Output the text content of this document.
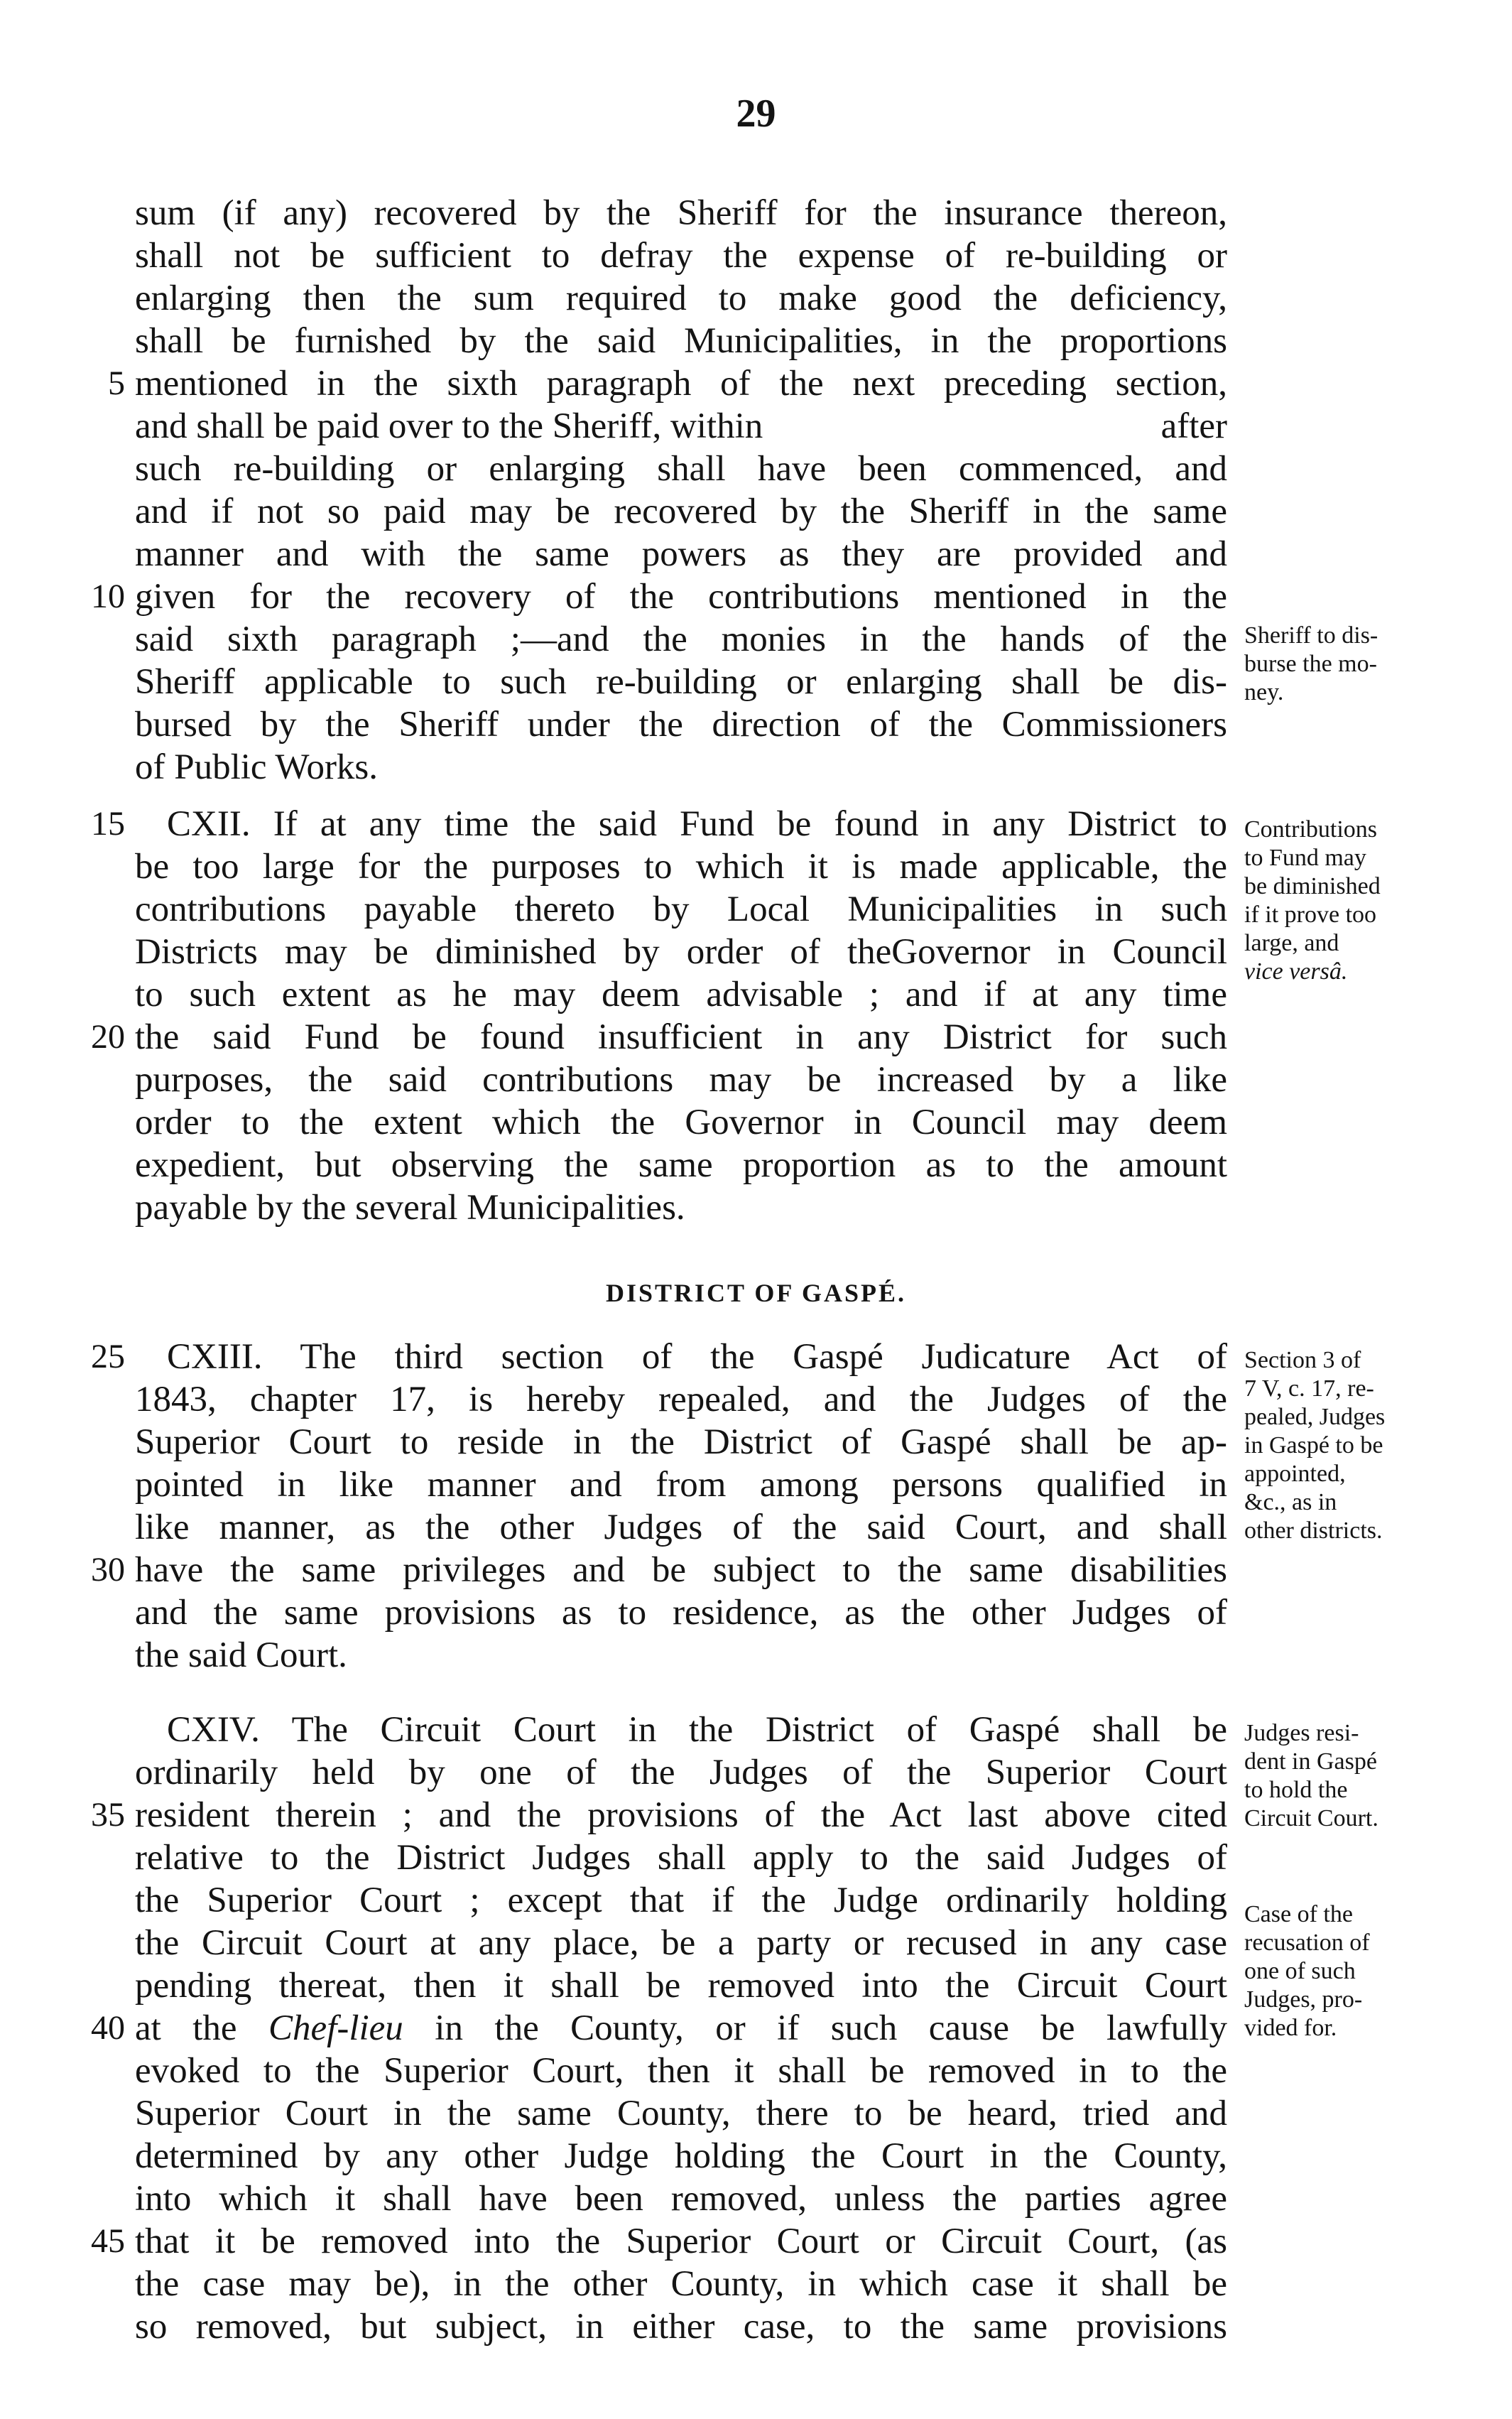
29
sum (if any) recovered by the Sheriff for the insurance thereon,
shall not be sufficient to defray the expense of re-building or
enlarging then the sum required to make good the deficiency,
shall be furnished by the said Municipalities, in the proportions
5 mentioned in the sixth paragraph of the next preceding section,
and shall be paid over to the Sheriff, within	after
such re-building or enlarging shall have been commenced, and
and if not so paid may be recovered by the Sheriff in the same
manner and with the same powers as they are provided and
10 given for the recovery of the contributions mentioned in the
said sixth paragraph ;—and the monies in the hands of the
Sheriff applicable to such re-building or enlarging shall be dis-
bursed by the Sheriff under the direction of the Commissioners
of Public Works.
Sheriff to dis-
burse the mo-
ney.
15 CXII. If at any time the said Fund be found in any District to
be too large for the purposes to which it is made applicable, the
contributions payable thereto by Local Municipalities in such
Districts may be diminished by order of theGovernor in Council
to such extent as he may deem advisable ; and if at any time
20 the said Fund be found insufficient in any District for such
purposes, the said contributions may be increased by a like
order to the extent which the Governor in Council may deem
expedient, but observing the same proportion as to the amount
payable by the several Municipalities.
Contributions
to Fund may
be diminished
if it prove too
large, and
vice versâ.
DISTRICT OF GASPÉ.
25 CXIII. The third section of the Gaspé Judicature Act of
1843, chapter 17, is hereby repealed, and the Judges of the
Superior Court to reside in the District of Gaspé shall be ap-
pointed in like manner and from among persons qualified in
like manner, as the other Judges of the said Court, and shall
30 have the same privileges and be subject to the same disabilities
and the same provisions as to residence, as the other Judges of
the said Court.
Section 3 of
7 V, c. 17, re-
pealed, Judges
in Gaspé to be
appointed,
&c., as in
other districts.
CXIV. The Circuit Court in the District of Gaspé shall be
ordinarily held by one of the Judges of the Superior Court
35 resident therein ; and the provisions of the Act last above cited
relative to the District Judges shall apply to the said Judges of
the Superior Court ; except that if the Judge ordinarily holding
the Circuit Court at any place, be a party or recused in any case
pending thereat, then it shall be removed into the Circuit Court
40 at the Chef-lieu in the County, or if such cause be lawfully
evoked to the Superior Court, then it shall be removed in to the
Superior Court in the same County, there to be heard, tried and
determined by any other Judge holding the Court in the County,
into which it shall have been removed, unless the parties agree
45 that it be removed into the Superior Court or Circuit Court, (as
the case may be), in the other County, in which case it shall be
so removed, but subject, in either case, to the same provisions
Judges resi-
dent in Gaspé
to hold the
Circuit Court.
Case of the
recusation of
one of such
Judges, pro-
vided for.
